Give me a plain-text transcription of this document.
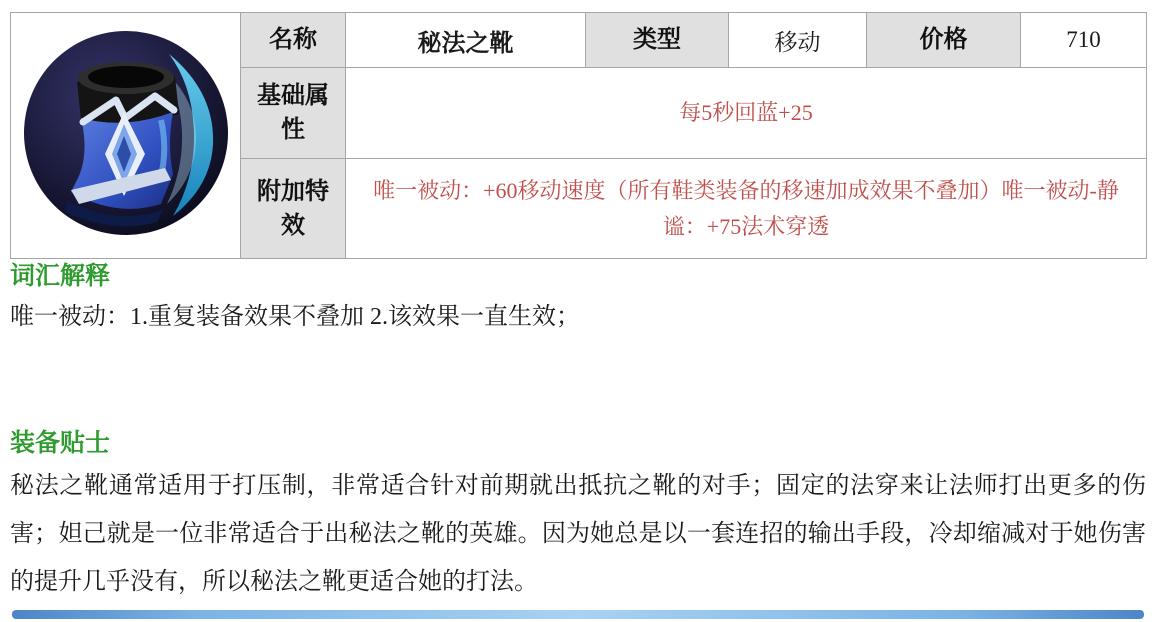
	名称	秘法之靴	类型	移动	价格	710
	基础属性	每5秒回蓝+25				
	附加特效	唯一被动：+60移动速度（所有鞋类装备的移速加成效果不叠加）唯一被动-静谧：+75法术穿透				
词汇解释

唯一被动：1.重复装备效果不叠加 2.该效果一直生效；

装备贴士

秘法之靴通常适用于打压制，非常适合针对前期就出抵抗之靴的对手；固定的法穿来让法师打出更多的伤害；妲己就是一位非常适合于出秘法之靴的英雄。因为她总是以一套连招的输出手段，冷却缩减对于她伤害的提升几乎没有，所以秘法之靴更适合她的打法。
